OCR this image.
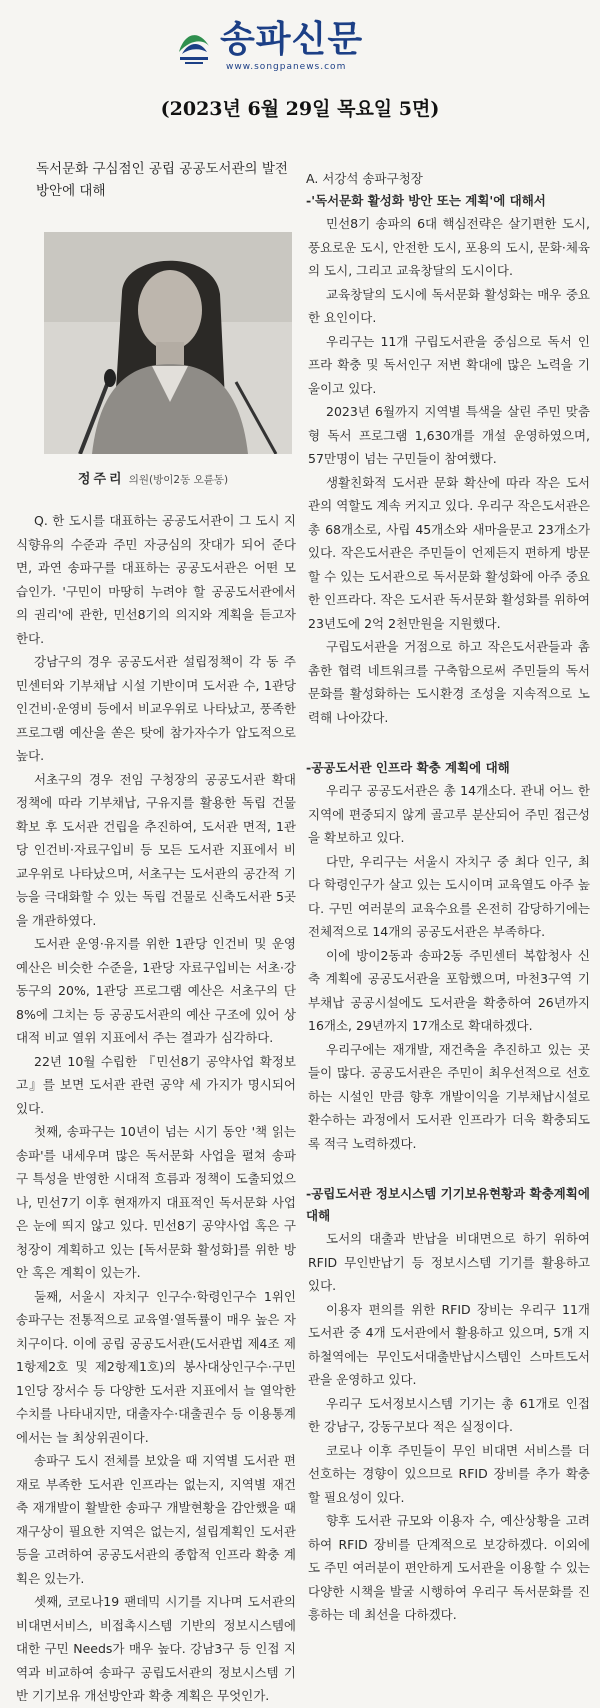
송파신문
www.songpanews.com
(2023년 6월 29일 목요일 5면)

독서문화 구심점인 공립 공공도서관의 발전방안에 대해

정주리 의원(방이2동 오륜동)

Q. 한 도시를 대표하는 공공도서관이 그 도시 지식향유의 수준과 주민 자긍심의 잣대가 되어 준다면, 과연 송파구를 대표하는 공공도서관은 어떤 모습인가. '구민이 마땅히 누려야 할 공공도서관에서의 권리'에 관한, 민선8기의 의지와 계획을 듣고자 한다.

강남구의 경우 공공도서관 설립정책이 각 동 주민센터와 기부채납 시설 기반이며 도서관 수, 1관당 인건비·운영비 등에서 비교우위로 나타났고, 풍족한 프로그램 예산을 쏟은 탓에 참가자수가 압도적으로 높다.

서초구의 경우 전임 구청장의 공공도서관 확대 정책에 따라 기부채납, 구유지를 활용한 독립 건물 확보 후 도서관 건립을 추진하여, 도서관 면적, 1관당 인건비·자료구입비 등 모든 도서관 지표에서 비교우위로 나타났으며, 서초구는 도서관의 공간적 기능을 극대화할 수 있는 독립 건물로 신축도서관 5곳을 개관하였다.

도서관 운영·유지를 위한 1관당 인건비 및 운영 예산은 비슷한 수준을, 1관당 자료구입비는 서초·강동구의 20%, 1관당 프로그램 예산은 서초구의 단 8%에 그치는 등 공공도서관의 예산 구조에 있어 상대적 비교 열위 지표에서 주는 결과가 심각하다.

22년 10월 수립한 『민선8기 공약사업 확정보고』를 보면 도서관 관련 공약 세 가지가 명시되어 있다.

첫째, 송파구는 10년이 넘는 시기 동안 '책 읽는 송파'를 내세우며 많은 독서문화 사업을 펼쳐 송파구 특성을 반영한 시대적 흐름과 정책이 도출되었으나, 민선7기 이후 현재까지 대표적인 독서문화 사업은 눈에 띄지 않고 있다. 민선8기 공약사업 혹은 구청장이 계획하고 있는 [독서문화 활성화]를 위한 방안 혹은 계획이 있는가.

둘째, 서울시 자치구 인구수·학령인구수 1위인 송파구는 전통적으로 교육열·열독률이 매우 높은 자치구이다. 이에 공립 공공도서관(도서관법 제4조 제1항제2호 및 제2항제1호)의 봉사대상인구수·구민 1인당 장서수 등 다양한 도서관 지표에서 늘 열악한 수치를 나타내지만, 대출자수·대출권수 등 이용통계에서는 늘 최상위권이다.

송파구 도시 전체를 보았을 때 지역별 도서관 편재로 부족한 도서관 인프라는 없는지, 지역별 재건축 재개발이 활발한 송파구 개발현황을 감안했을 때 재구상이 필요한 지역은 없는지, 설립계획인 도서관 등을 고려하여 공공도서관의 종합적 인프라 확충 계획은 있는가.

셋째, 코로나19 팬데믹 시기를 지나며 도서관의 비대면서비스, 비접촉시스템 기반의 정보시스템에 대한 구민 Needs가 매우 높다. 강남3구 등 인접 지역과 비교하여 송파구 공립도서관의 정보시스템 기반 기기보유 개선방안과 확충 계획은 무엇인가.

A. 서강석 송파구청장

-'독서문화 활성화 방안 또는 계획'에 대해서

민선8기 송파의 6대 핵심전략은 살기편한 도시, 풍요로운 도시, 안전한 도시, 포용의 도시, 문화·체육의 도시, 그리고 교육창달의 도시이다.

교육창달의 도시에 독서문화 활성화는 매우 중요한 요인이다.

우리구는 11개 구립도서관을 중심으로 독서 인프라 확충 및 독서인구 저변 확대에 많은 노력을 기울이고 있다.

2023년 6월까지 지역별 특색을 살린 주민 맞춤형 독서 프로그램 1,630개를 개설 운영하였으며, 57만명이 넘는 구민들이 참여했다.

생활친화적 도서관 문화 확산에 따라 작은 도서관의 역할도 계속 커지고 있다. 우리구 작은도서관은 총 68개소로, 사립 45개소와 새마을문고 23개소가 있다. 작은도서관은 주민들이 언제든지 편하게 방문할 수 있는 도서관으로 독서문화 활성화에 아주 중요한 인프라다. 작은 도서관 독서문화 활성화를 위하여 23년도에 2억 2천만원을 지원했다.

구립도서관을 거점으로 하고 작은도서관들과 촘촘한 협력 네트워크를 구축함으로써 주민들의 독서문화를 활성화하는 도시환경 조성을 지속적으로 노력해 나아갔다.

-공공도서관 인프라 확충 계획에 대해

우리구 공공도서관은 총 14개소다. 관내 어느 한 지역에 편중되지 않게 골고루 분산되어 주민 접근성을 확보하고 있다.

다만, 우리구는 서울시 자치구 중 최다 인구, 최다 학령인구가 살고 있는 도시이며 교육열도 아주 높다. 구민 여러분의 교육수요를 온전히 감당하기에는 전체적으로 14개의 공공도서관은 부족하다.

이에 방이2동과 송파2동 주민센터 복합청사 신축 계획에 공공도서관을 포함했으며, 마천3구역 기부채납 공공시설에도 도서관을 확충하여 26년까지 16개소, 29년까지 17개소로 확대하겠다.

우리구에는 재개발, 재건축을 추진하고 있는 곳들이 많다. 공공도서관은 주민이 최우선적으로 선호하는 시설인 만큼 향후 개발이익을 기부채납시설로 환수하는 과정에서 도서관 인프라가 더욱 확충되도록 적극 노력하겠다.

-공립도서관 정보시스템 기기보유현황과 확충계획에 대해

도서의 대출과 반납을 비대면으로 하기 위하여 RFID 무인반납기 등 정보시스템 기기를 활용하고 있다.

이용자 편의를 위한 RFID 장비는 우리구 11개 도서관 중 4개 도서관에서 활용하고 있으며, 5개 지하철역에는 무인도서대출반납시스템인 스마트도서관을 운영하고 있다.

우리구 도서정보시스템 기기는 총 61개로 인접한 강남구, 강동구보다 적은 실정이다.

코로나 이후 주민들이 무인 비대면 서비스를 더 선호하는 경향이 있으므로 RFID 장비를 추가 확충할 필요성이 있다.

향후 도서관 규모와 이용자 수, 예산상황을 고려하여 RFID 장비를 단계적으로 보강하겠다. 이외에도 주민 여러분이 편안하게 도서관을 이용할 수 있는 다양한 시책을 발굴 시행하여 우리구 독서문화를 진흥하는 데 최선을 다하겠다.
